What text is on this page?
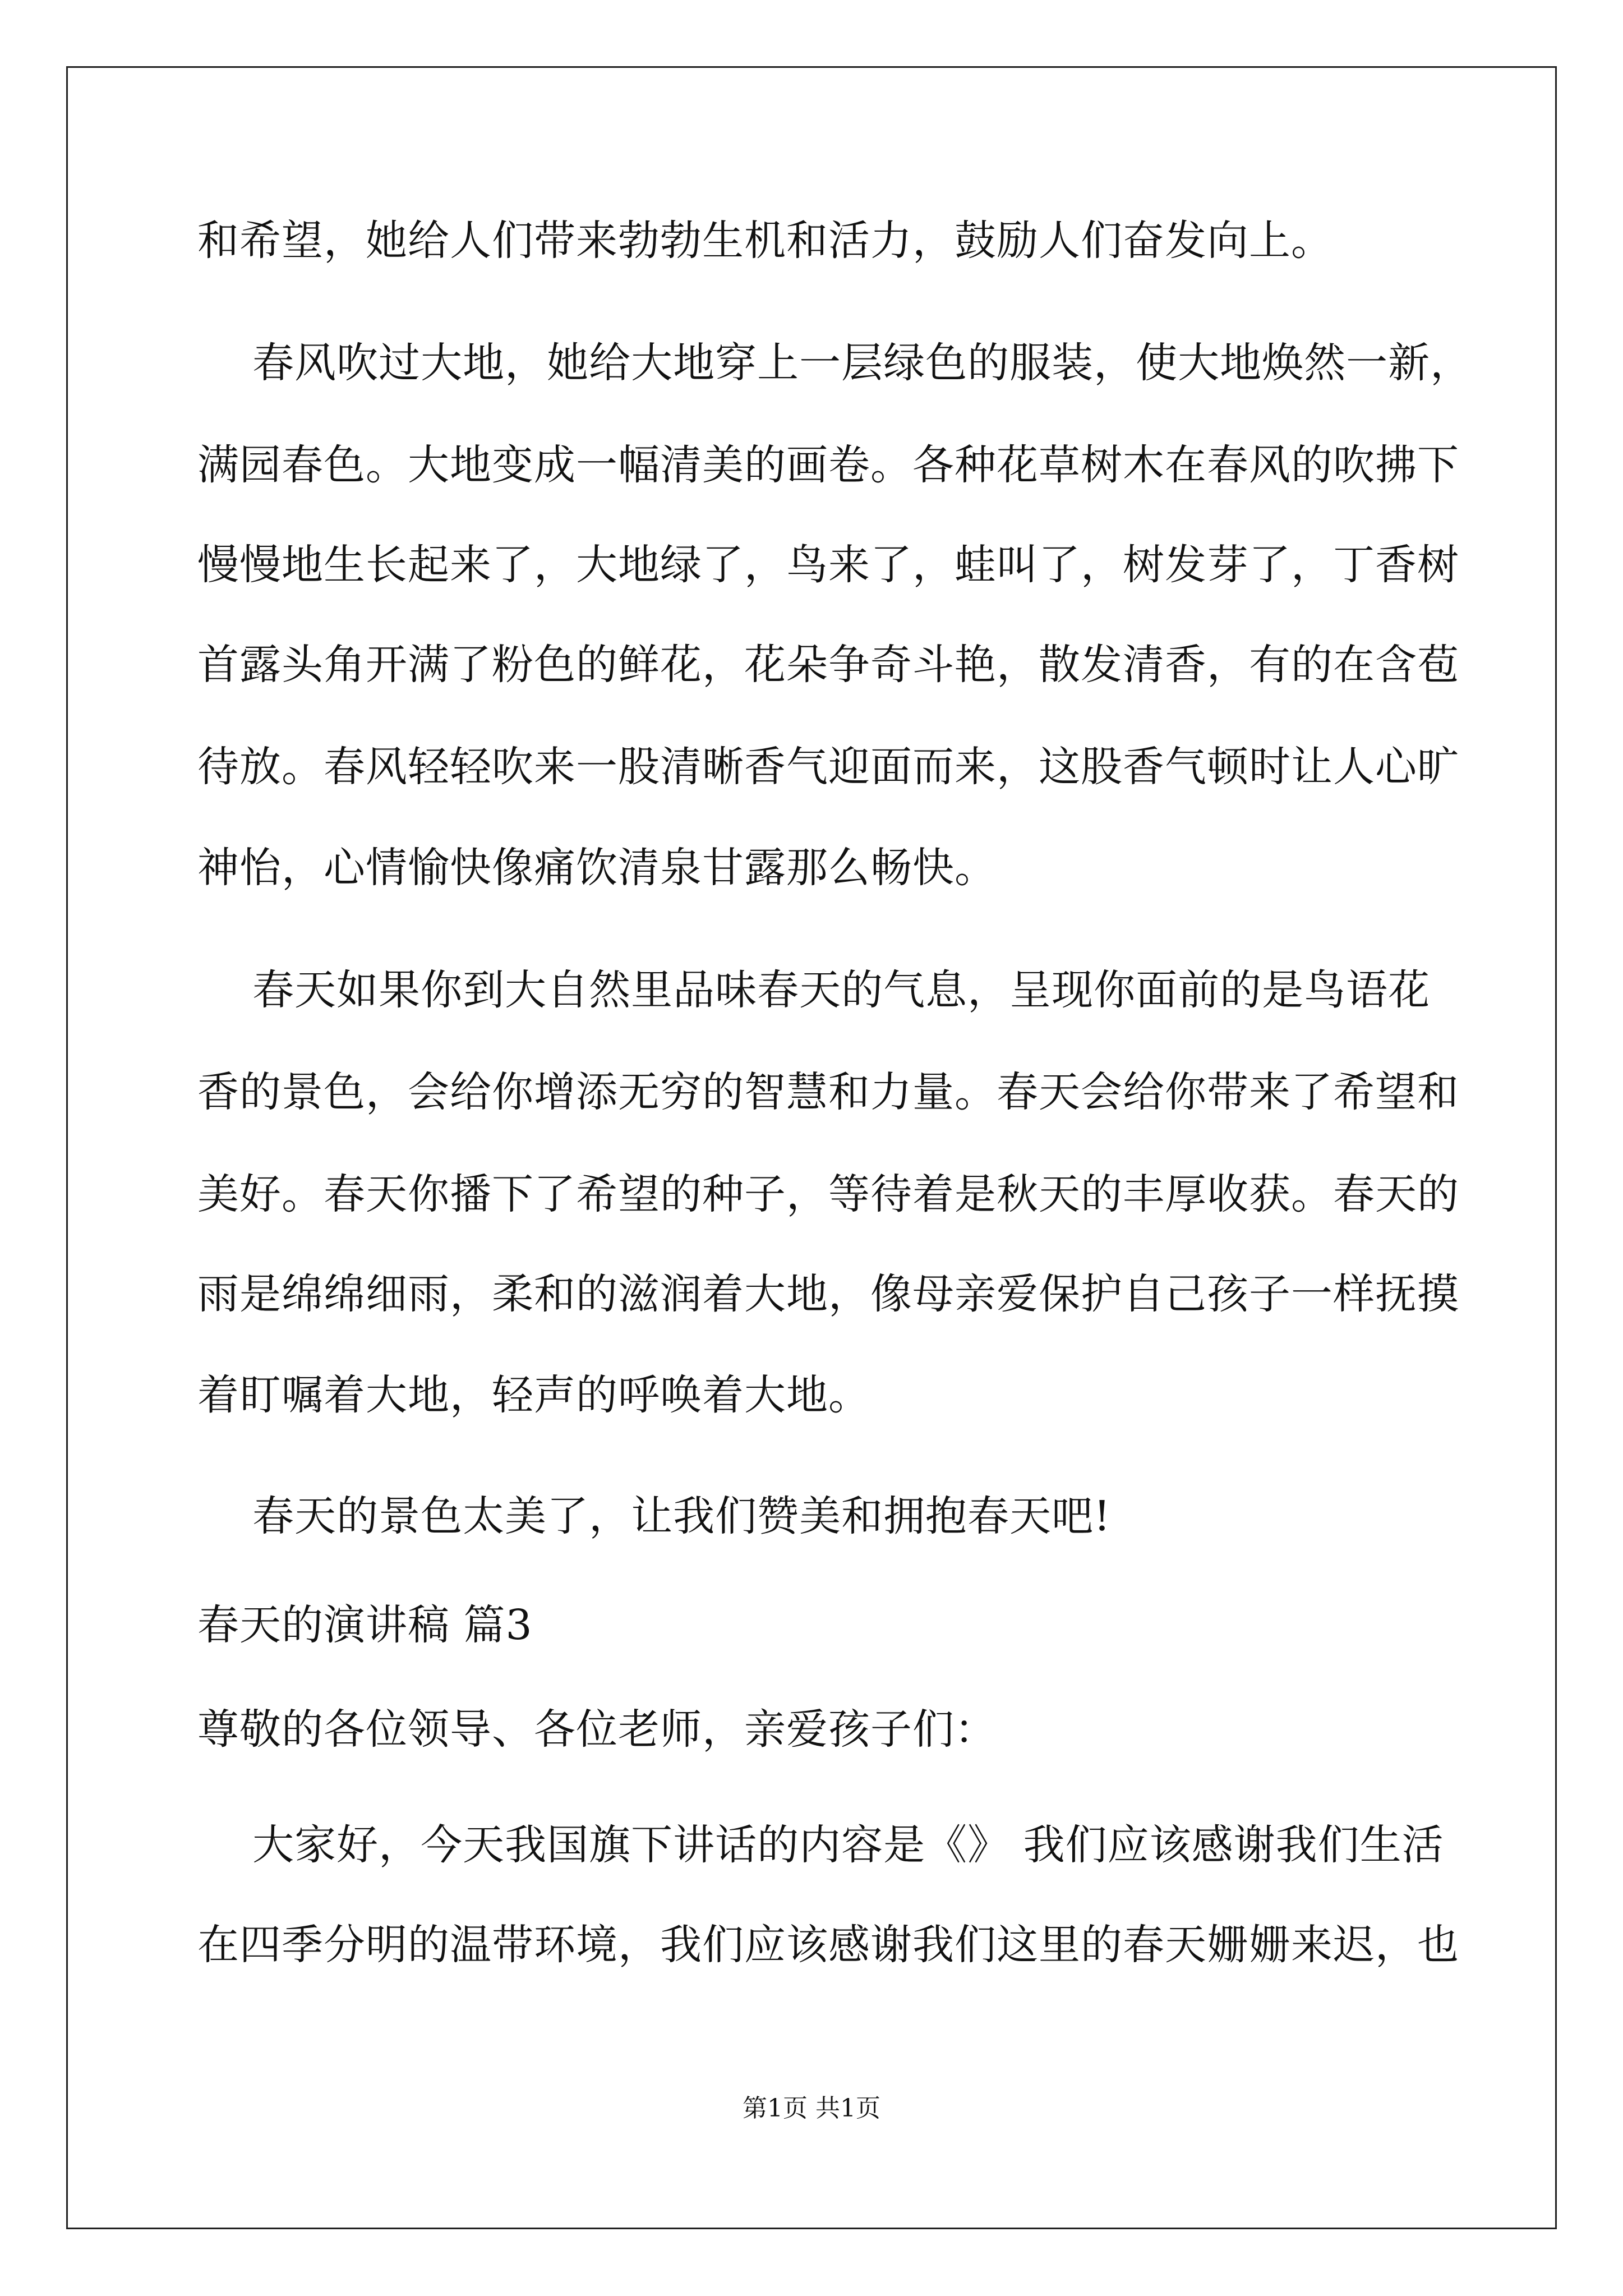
和希望，她给人们带来勃勃生机和活力，鼓励人们奋发向上。
春风吹过大地，她给大地穿上一层绿色的服装，使大地焕然一新，
满园春色。大地变成一幅清美的画卷。各种花草树木在春风的吹拂下
慢慢地生长起来了，大地绿了，鸟来了，蛙叫了，树发芽了，丁香树
首露头角开满了粉色的鲜花，花朵争奇斗艳，散发清香，有的在含苞
待放。春风轻轻吹来一股清晰香气迎面而来，这股香气顿时让人心旷
神怡，心情愉快像痛饮清泉甘露那么畅快。
春天如果你到大自然里品味春天的气息，呈现你面前的是鸟语花
香的景色，会给你增添无穷的智慧和力量。春天会给你带来了希望和
美好。春天你播下了希望的种子，等待着是秋天的丰厚收获。春天的
雨是绵绵细雨，柔和的滋润着大地，像母亲爱保护自己孩子一样抚摸
着盯嘱着大地，轻声的呼唤着大地。
春天的景色太美了，让我们赞美和拥抱春天吧!
春天的演讲稿 篇3
尊敬的各位领导、各位老师，亲爱孩子们：
大家好，今天我国旗下讲话的内容是《》 我们应该感谢我们生活
在四季分明的温带环境，我们应该感谢我们这里的春天姗姗来迟，也
第1页 共1页
